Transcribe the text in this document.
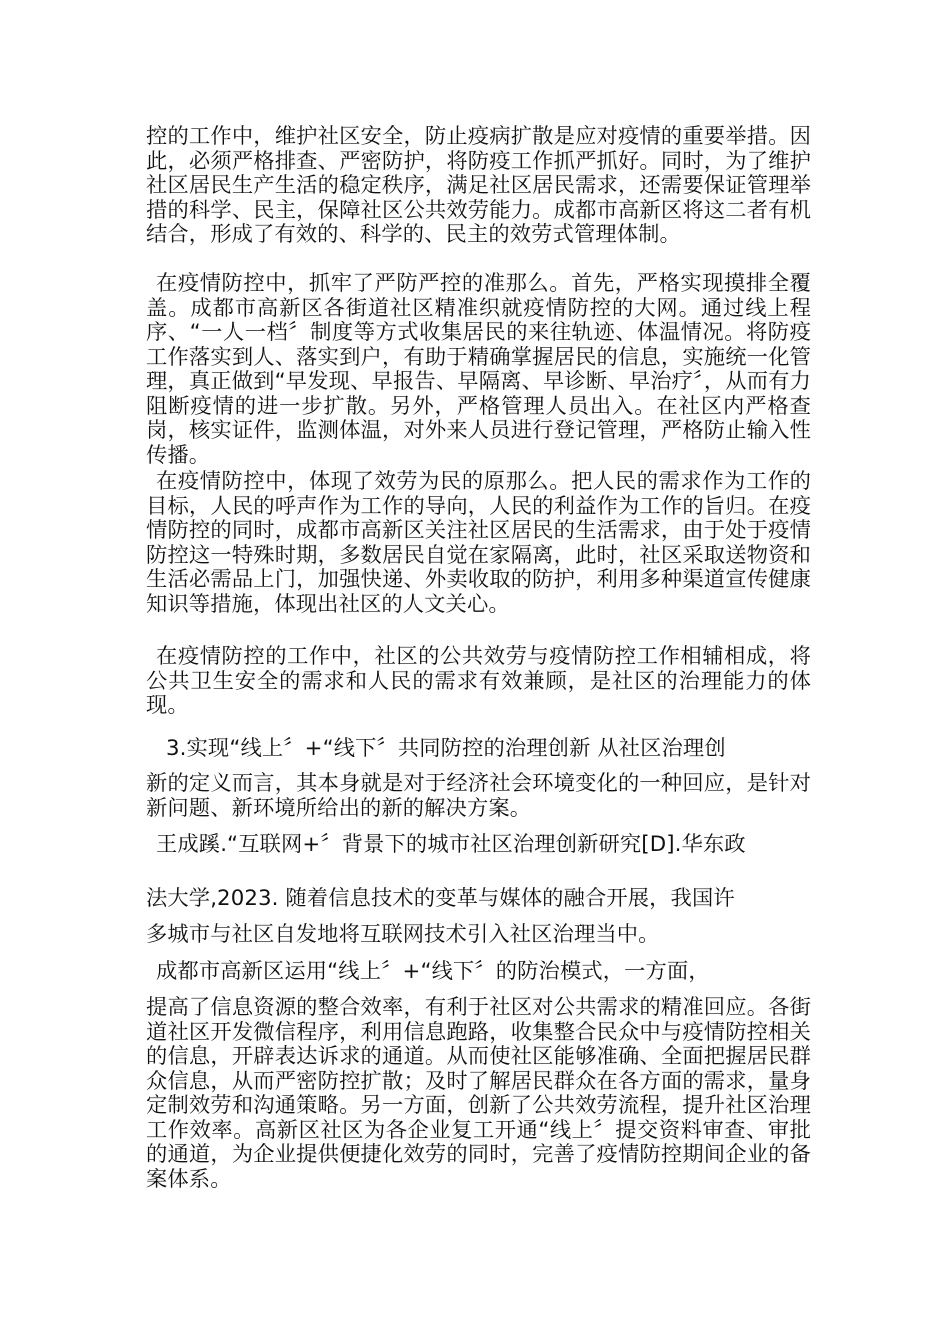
控的工作中，维护社区安全，防止疫病扩散是应对疫情的重要举措。因此，必须严格排查、严密防护，将防疫工作抓严抓好。同时，为了维护社区居民生产生活的稳定秩序，满足社区居民需求，还需要保证管理举措的科学、民主，保障社区公共效劳能力。成都市高新区将这二者有机结合，形成了有效的、科学的、民主的效劳式管理体制。

在疫情防控中，抓牢了严防严控的准那么。首先，严格实现摸排全覆盖。成都市高新区各街道社区精准织就疫情防控的大网。通过线上程序、“一人一档〞制度等方式收集居民的来往轨迹、体温情况。将防疫工作落实到人、落实到户，有助于精确掌握居民的信息，实施统一化管理，真正做到“早发现、早报告、早隔离、早诊断、早治疗〞，从而有力阻断疫情的进一步扩散。另外，严格管理人员出入。在社区内严格查岗，核实证件，监测体温，对外来人员进行登记管理，严格防止输入性传播。

在疫情防控中，体现了效劳为民的原那么。把人民的需求作为工作的目标，人民的呼声作为工作的导向，人民的利益作为工作的旨归。在疫情防控的同时，成都市高新区关注社区居民的生活需求，由于处于疫情防控这一特殊时期，多数居民自觉在家隔离，此时，社区采取送物资和生活必需品上门，加强快递、外卖收取的防护，利用多种渠道宣传健康知识等措施，体现出社区的人文关心。

在疫情防控的工作中，社区的公共效劳与疫情防控工作相辅相成，将公共卫生安全的需求和人民的需求有效兼顾，是社区的治理能力的体现。

3.实现“线上〞+“线下〞共同防控的治理创新 从社区治理创

新的定义而言，其本身就是对于经济社会环境变化的一种回应，是针对新问题、新环境所给出的新的解决方案。

王成蹊.“互联网+〞背景下的城市社区治理创新研究[D].华东政

法大学,2023. 随着信息技术的变革与媒体的融合开展，我国许

多城市与社区自发地将互联网技术引入社区治理当中。

成都市高新区运用“线上〞+“线下〞的防治模式，一方面，

提高了信息资源的整合效率，有利于社区对公共需求的精准回应。各街道社区开发微信程序，利用信息跑路，收集整合民众中与疫情防控相关的信息，开辟表达诉求的通道。从而使社区能够准确、全面把握居民群众信息，从而严密防控扩散；及时了解居民群众在各方面的需求，量身定制效劳和沟通策略。另一方面，创新了公共效劳流程，提升社区治理工作效率。高新区社区为各企业复工开通“线上〞提交资料审查、审批的通道，为企业提供便捷化效劳的同时，完善了疫情防控期间企业的备案体系。
